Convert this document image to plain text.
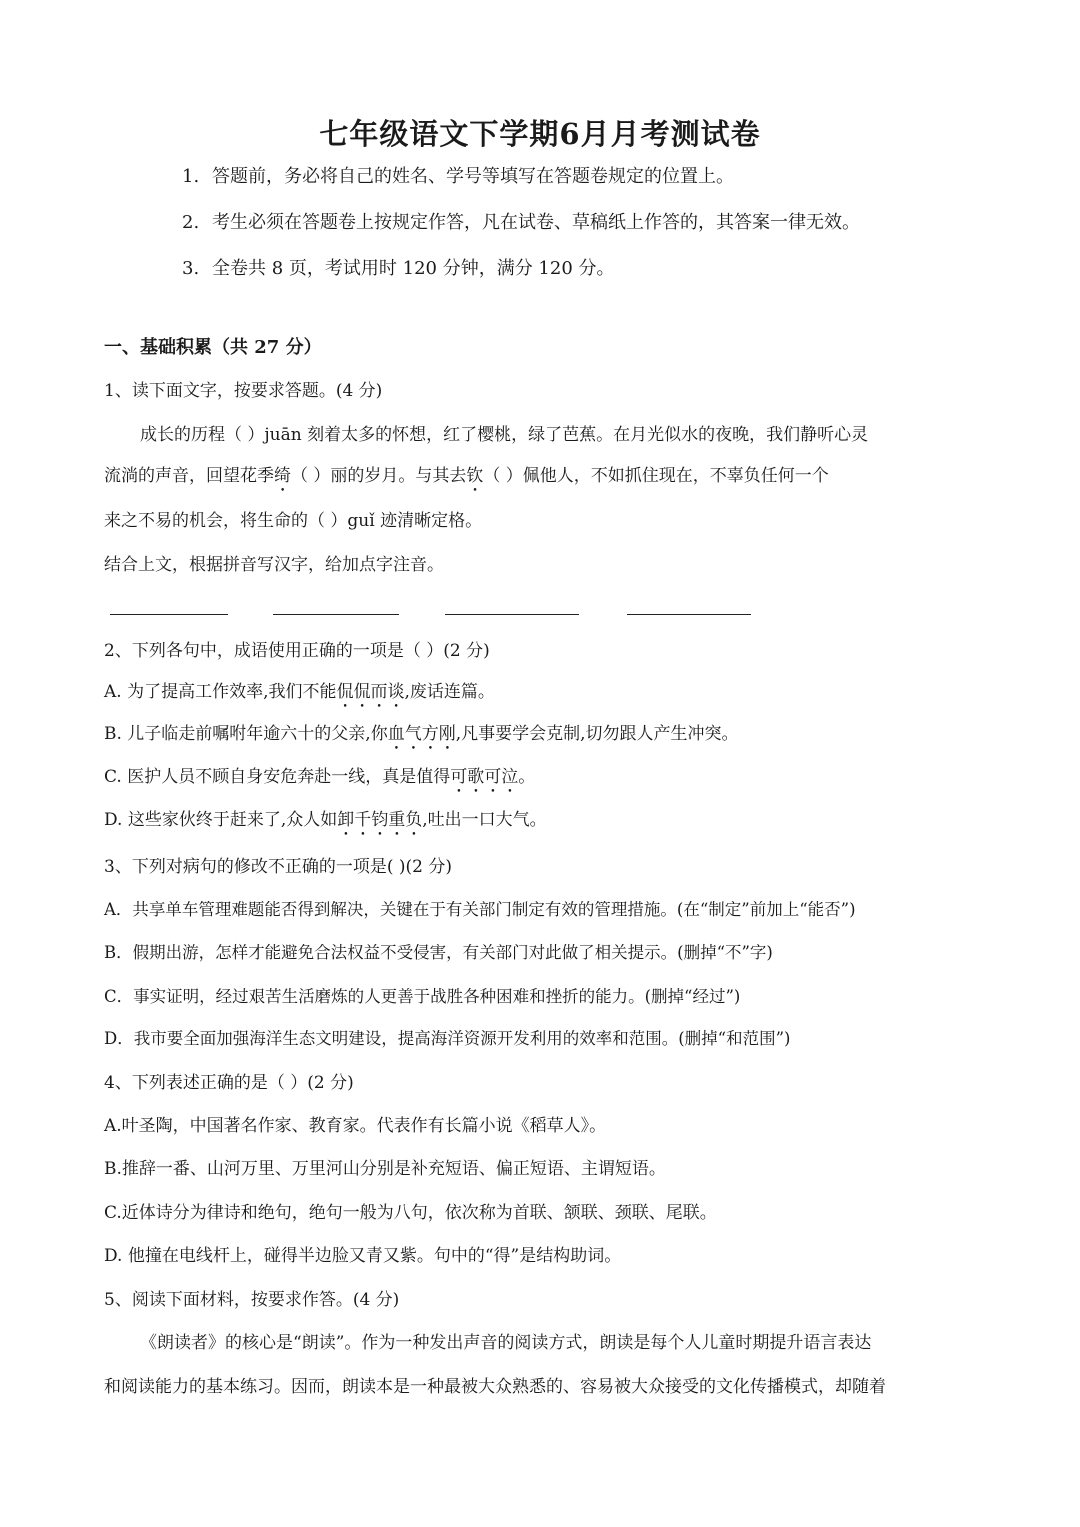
七年级语文下学期6月月考测试卷
1. 答题前，务必将自己的姓名、学号等填写在答题卷规定的位置上。
2. 考生必须在答题卷上按规定作答，凡在试卷、草稿纸上作答的，其答案一律无效。
3. 全卷共 8 页，考试用时 120 分钟，满分 120 分。
一、基础积累（共 27 分）
1、读下面文字，按要求答题。(4 分)
成长的历程（ ）juān 刻着太多的怀想，红了樱桃，绿了芭蕉。在月光似水的夜晚，我们静听心灵
流淌的声音，回望花季绮（ ）丽的岁月。与其去钦（ ）佩他人，不如抓住现在，不辜负任何一个
来之不易的机会，将生命的（ ）guǐ 迹清晰定格。
结合上文，根据拼音写汉字，给加点字注音。
2、下列各句中，成语使用正确的一项是（ ）(2 分)
A. 为了提高工作效率,我们不能侃侃而谈,废话连篇。
B. 儿子临走前嘱咐年逾六十的父亲,你血气方刚,凡事要学会克制,切勿跟人产生冲突。
C. 医护人员不顾自身安危奔赴一线，真是值得可歌可泣。
D. 这些家伙终于赶来了,众人如卸千钧重负,吐出一口大气。
3、下列对病句的修改不正确的一项是( )(2 分)
A．共享单车管理难题能否得到解决，关键在于有关部门制定有效的管理措施。(在“制定”前加上“能否”)
B．假期出游，怎样才能避免合法权益不受侵害，有关部门对此做了相关提示。(删掉“不”字)
C．事实证明，经过艰苦生活磨炼的人更善于战胜各种困难和挫折的能力。(删掉“经过”)
D．我市要全面加强海洋生态文明建设，提高海洋资源开发利用的效率和范围。(删掉“和范围”)
4、下列表述正确的是（ ）(2 分)
A.叶圣陶，中国著名作家、教育家。代表作有长篇小说《稻草人》。
B.推辞一番、山河万里、万里河山分别是补充短语、偏正短语、主谓短语。
C.近体诗分为律诗和绝句，绝句一般为八句，依次称为首联、颔联、颈联、尾联。
D. 他撞在电线杆上，碰得半边脸又青又紫。句中的“得”是结构助词。
5、阅读下面材料，按要求作答。(4 分)
《朗读者》的核心是“朗读”。作为一种发出声音的阅读方式，朗读是每个人儿童时期提升语言表达
和阅读能力的基本练习。因而，朗读本是一种最被大众熟悉的、容易被大众接受的文化传播模式，却随着
